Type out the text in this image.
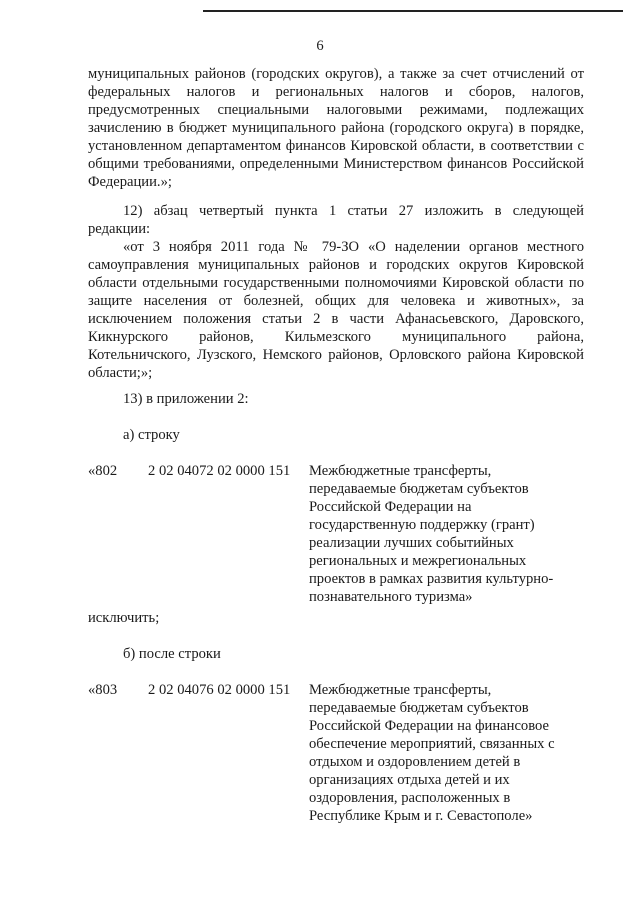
6
муниципальных районов (городских округов), а также за счет отчислений от
федеральных налогов и региональных налогов и сборов, налогов,
предусмотренных специальными налоговыми режимами, подлежащих
зачислению в бюджет муниципального района (городского округа) в порядке,
установленном департаментом финансов Кировской области, в соответствии с
общими требованиями, определенными Министерством финансов Российской
Федерации.»;
12) абзац четвертый пункта 1 статьи 27 изложить в следующей
редакции:
«от 3 ноября 2011 года № 79-ЗО «О наделении органов местного
самоуправления муниципальных районов и городских округов Кировской
области отдельными государственными полномочиями Кировской области по
защите населения от болезней, общих для человека и животных», за
исключением положения статьи 2 в части Афанасьевского, Даровского,
Кикнурского районов, Кильмезского муниципального района,
Котельничского, Лузского, Немского районов, Орловского района Кировской
области;»;
13) в приложении 2:
а) строку
«802 2 02 04072 02 0000 151 Межбюджетные трансферты,
передаваемые бюджетам субъектов
Российской Федерации на
государственную поддержку (грант)
реализации лучших событийных
региональных и межрегиональных
проектов в рамках развития культурно-
познавательного туризма»
исключить;
б) после строки
«803 2 02 04076 02 0000 151 Межбюджетные трансферты,
передаваемые бюджетам субъектов
Российской Федерации на финансовое
обеспечение мероприятий, связанных с
отдыхом и оздоровлением детей в
организациях отдыха детей и их
оздоровления, расположенных в
Республике Крым и г. Севастополе»
